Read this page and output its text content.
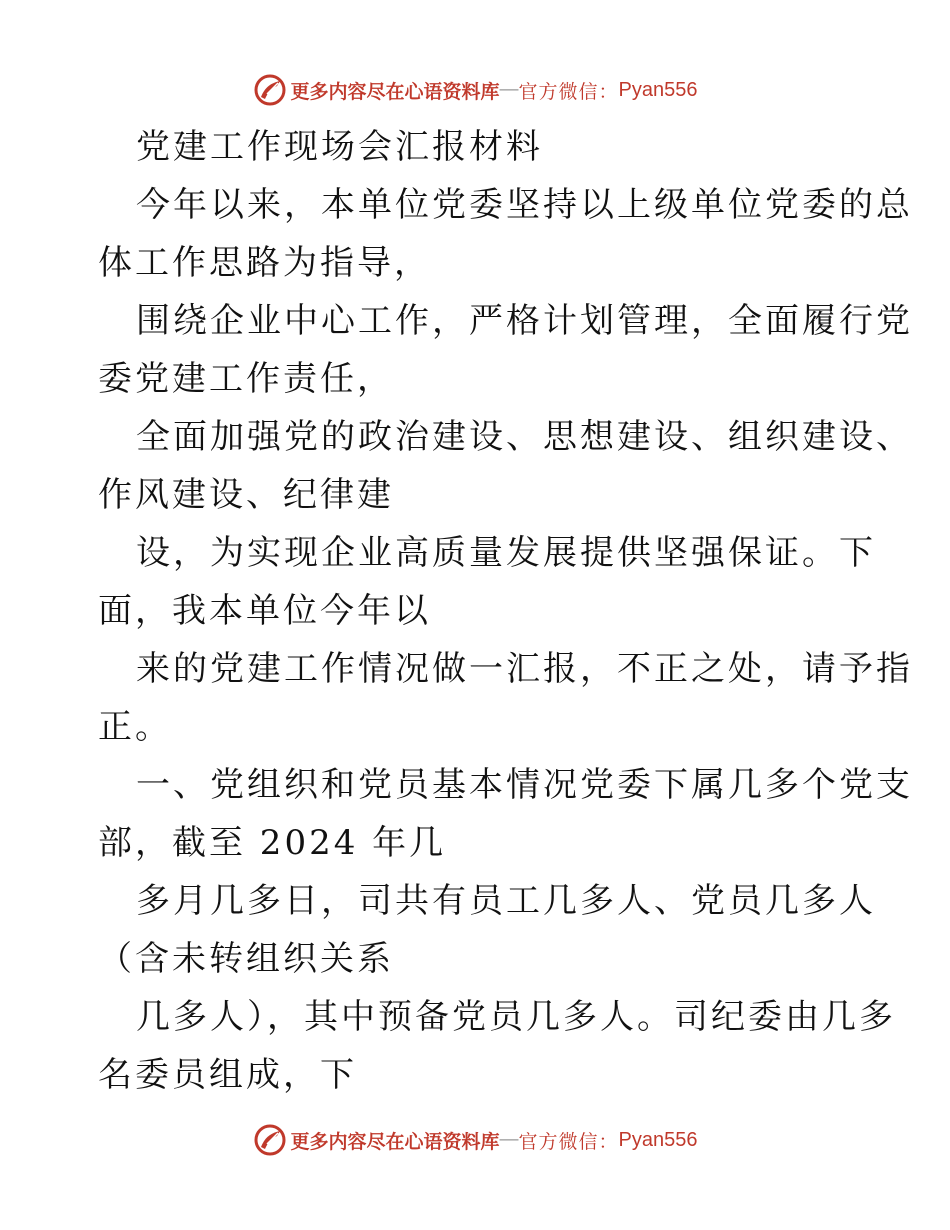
更多内容尽在心语资料库 — 官方微信： Pyan556
党建工作现场会汇报材料
今年以来，本单位党委坚持以上级单位党委的总
体工作思路为指导，
围绕企业中心工作，严格计划管理，全面履行党
委党建工作责任，
全面加强党的政治建设、思想建设、组织建设、
作风建设、纪律建
设，为实现企业高质量发展提供坚强保证。下
面，我本单位今年以
来的党建工作情况做一汇报，不正之处，请予指
正。
一、党组织和党员基本情况党委下属几多个党支
部，截至 2024 年几
多月几多日，司共有员工几多人、党员几多人
（含未转组织关系
几多人），其中预备党员几多人。司纪委由几多
名委员组成，下
更多内容尽在心语资料库 — 官方微信： Pyan556
